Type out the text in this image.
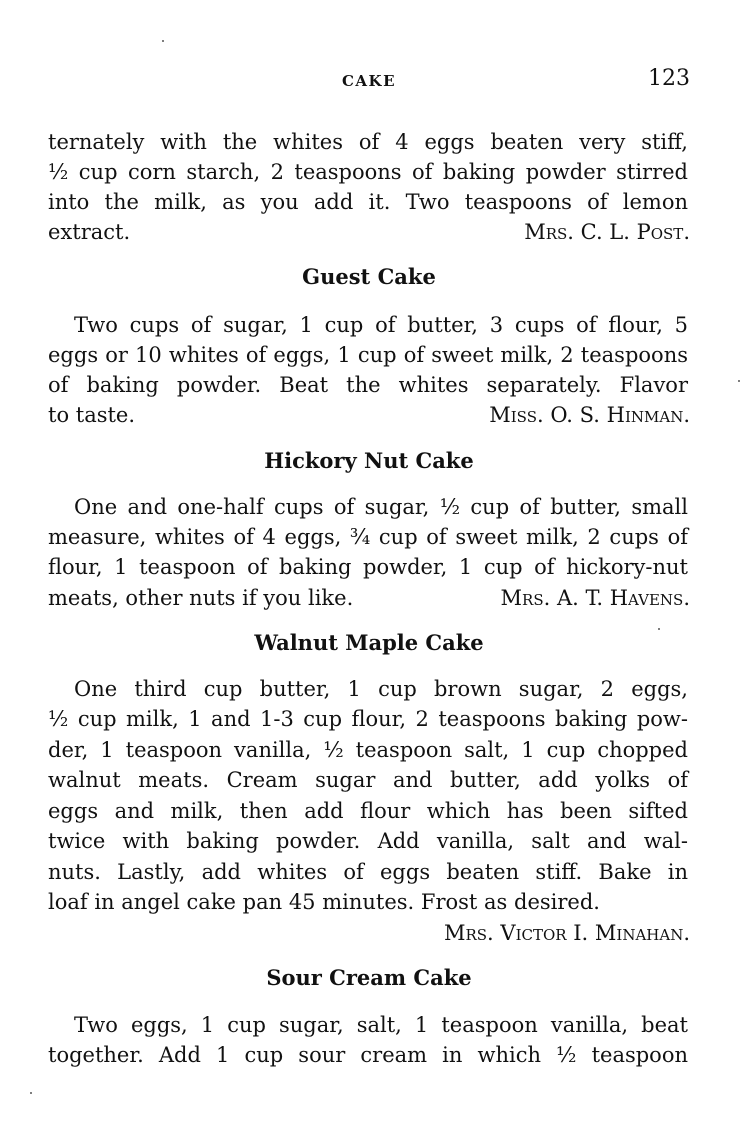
CAKE	123
ternately with the whites of 4 eggs beaten very stiff,
½ cup corn starch, 2 teaspoons of baking powder stirred
into the milk, as you add it. Two teaspoons of lemon
extract.	Mrs. C. L. Post.
Guest Cake
Two cups of sugar, 1 cup of butter, 3 cups of flour, 5
eggs or 10 whites of eggs, 1 cup of sweet milk, 2 teaspoons
of baking powder. Beat the whites separately. Flavor
to taste.	Miss. O. S. Hinman.
Hickory Nut Cake
One and one-half cups of sugar, ½ cup of butter, small
measure, whites of 4 eggs, ¾ cup of sweet milk, 2 cups of
flour, 1 teaspoon of baking powder, 1 cup of hickory-nut
meats, other nuts if you like.	Mrs. A. T. Havens.
Walnut Maple Cake
One third cup butter, 1 cup brown sugar, 2 eggs,
½ cup milk, 1 and 1-3 cup flour, 2 teaspoons baking pow-
der, 1 teaspoon vanilla, ½ teaspoon salt, 1 cup chopped
walnut meats. Cream sugar and butter, add yolks of
eggs and milk, then add flour which has been sifted
twice with baking powder. Add vanilla, salt and wal-
nuts. Lastly, add whites of eggs beaten stiff. Bake in
loaf in angel cake pan 45 minutes. Frost as desired.
Mrs. Victor I. Minahan.
Sour Cream Cake
Two eggs, 1 cup sugar, salt, 1 teaspoon vanilla, beat
together. Add 1 cup sour cream in which ½ teaspoon
